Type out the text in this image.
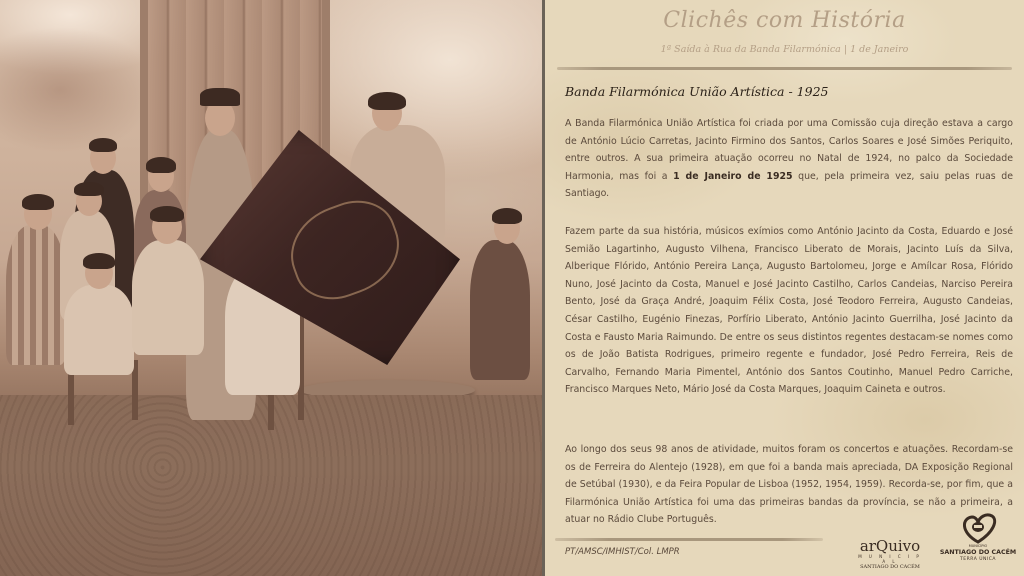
Clichês com História
1ª Saída à Rua da Banda Filarmónica | 1 de Janeiro
Banda Filarmónica União Artística - 1925
A Banda Filarmónica União Artística foi criada por uma Comissão cuja direção estava a cargo de António Lúcio Carretas, Jacinto Firmino dos Santos, Carlos Soares e José Simões Periquito, entre outros. A sua primeira atuação ocorreu no Natal de 1924, no palco da Sociedade Harmonia, mas foi a 1 de Janeiro de 1925 que, pela primeira vez, saiu pelas ruas de Santiago.
Fazem parte da sua história, músicos exímios como António Jacinto da Costa, Eduardo e José Semião Lagartinho, Augusto Vilhena, Francisco Liberato de Morais, Jacinto Luís da Silva, Alberique Flórido, António Pereira Lança, Augusto Bartolomeu, Jorge e Amílcar Rosa, Flórido Nuno, José Jacinto da Costa, Manuel e José Jacinto Castilho, Carlos Candeias, Narciso Pereira Bento, José da Graça André, Joaquim Félix Costa, José Teodoro Ferreira, Augusto Candeias, César Castilho, Eugénio Finezas, Porfírio Liberato, António Jacinto Guerrilha, José Jacinto da Costa e Fausto Maria Raimundo. De entre os seus distintos regentes destacam-se nomes como os de João Batista Rodrigues, primeiro regente e fundador, José Pedro Ferreira, Reis de Carvalho, Fernando Maria Pimentel, António dos Santos Coutinho, Manuel Pedro Carriche, Francisco Marques Neto, Mário José da Costa Marques, Joaquim Caineta e outros.
Ao longo dos seus 98 anos de atividade, muitos foram os concertos e atuações. Recordam-se os de Ferreira do Alentejo (1928), em que foi a banda mais apreciada, DA Exposição Regional de Setúbal (1930), e da Feira Popular de Lisboa (1952, 1954, 1959). Recorda-se, por fim, que a Filarmónica União Artística foi uma das primeiras bandas da província, se não a primeira, a atuar no Rádio Clube Português.
PT/AMSC/IMHIST/Col. LMPR	arQuivo
M U N I C I P A L
SANTIAGO DO CACÉM
MUNICÍPIO
SANTIAGO DO CACÉM
TERRA ÚNICA
